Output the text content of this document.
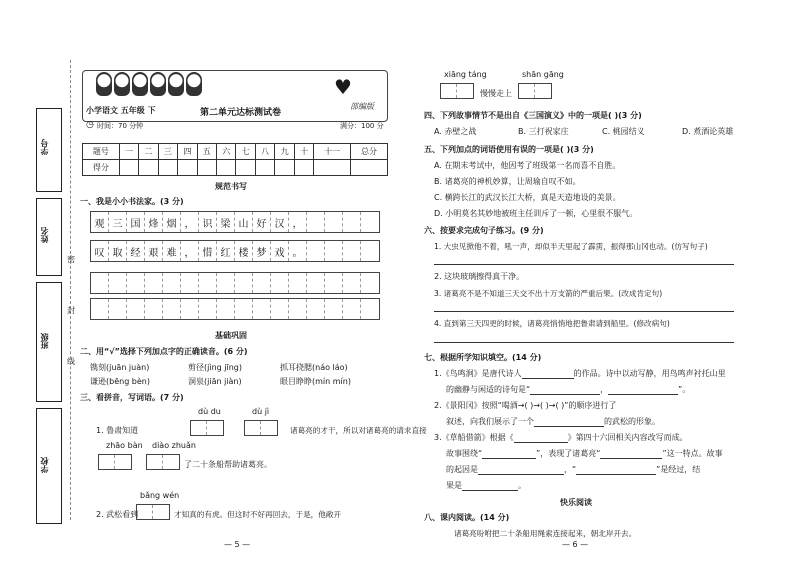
学号
姓名
班级
学校
密
封
线
♥
小学语文 五年级 下	第二单元达标测试卷
部编版
◷ 时间：70 分钟	满分：100 分
题号	一	二	三	四	五	六	七	八	九	十	十一	总分
得分												
规范书写
一、我是小小书法家。(3 分)
观 三 国 烽 烟 ， 识 梁 山 好 汉 ，
叹 取 经 艰 难 ， 惜 红 楼 梦 戏 。
基础巩固
二、用“√”选择下列加点字的正确读音。(6 分)
镌刻(juān juàn)	剪径(jìng jīng)	抓耳挠腮(náo láo)
谦逊(bēng bèn)	洞泉(jiān jiàn)	眼目睁睁(mín mín)
三、看拼音，写词语。(7 分)
dù du	dù jì
1. 鲁肃知道	诸葛亮的才干，所以对诸葛亮的请求直接
zhāo bàn diào zhuǎn
了二十条船帮助诸葛亮。
bǎng wén
2. 武松看到	才知真的有虎。但这时不好再回去，于是，他敞开
— 5 —
xiāng táng	shān gāng
慢慢走上
四、下列故事情节不是出自《三国演义》中的一项是( )(3 分)
A. 赤壁之战	B. 三打祝家庄	C. 桃园结义	D. 煮酒论英雄
五、下列加点的词语使用有误的一项是( )(3 分)
A. 在期末考试中，他因考了班级第一名而喜不自胜。
B. 诸葛亮的神机妙算，让周瑜自叹不如。
C. 横跨长江的武汉长江大桥，真是天造地设的美景。
D. 小明莫名其妙地被班主任训斥了一顿，心里很不服气。
六、按要求完成句子练习。(9 分)
1. 大虫见掀他不着，吼一声，却似半天里起了霹雳，振得那山冈也动。(仿写句子)
2. 这块玻璃擦得真干净。
3. 诸葛亮不是不知道三天交不出十万支箭的严重后果。(改成肯定句)
4. 直到第三天四更的时候，诸葛亮悄悄地把鲁肃请到船里。(修改病句)
七、根据所学知识填空。(14 分)
1.《鸟鸣涧》是唐代诗人	的作品。诗中以动写静，用鸟鸣声衬托山里
的幽静与闲适的诗句是“	，	”。
2.《景阳冈》按照“喝酒→( )→( )→( )”的顺序进行了
叙述，向我们展示了一个	的武松的形象。
3.《草船借箭》根据《	》第四十六回相关内容改写而成。
故事围绕“	”，表现了诸葛亮“	”这一特点。故事
的起因是	，“	”是经过，结
果是	。
快乐阅读
八、课内阅读。(14 分)
诸葛亮吩咐把二十条船用绳索连接起来，朝北岸开去。
— 6 —
